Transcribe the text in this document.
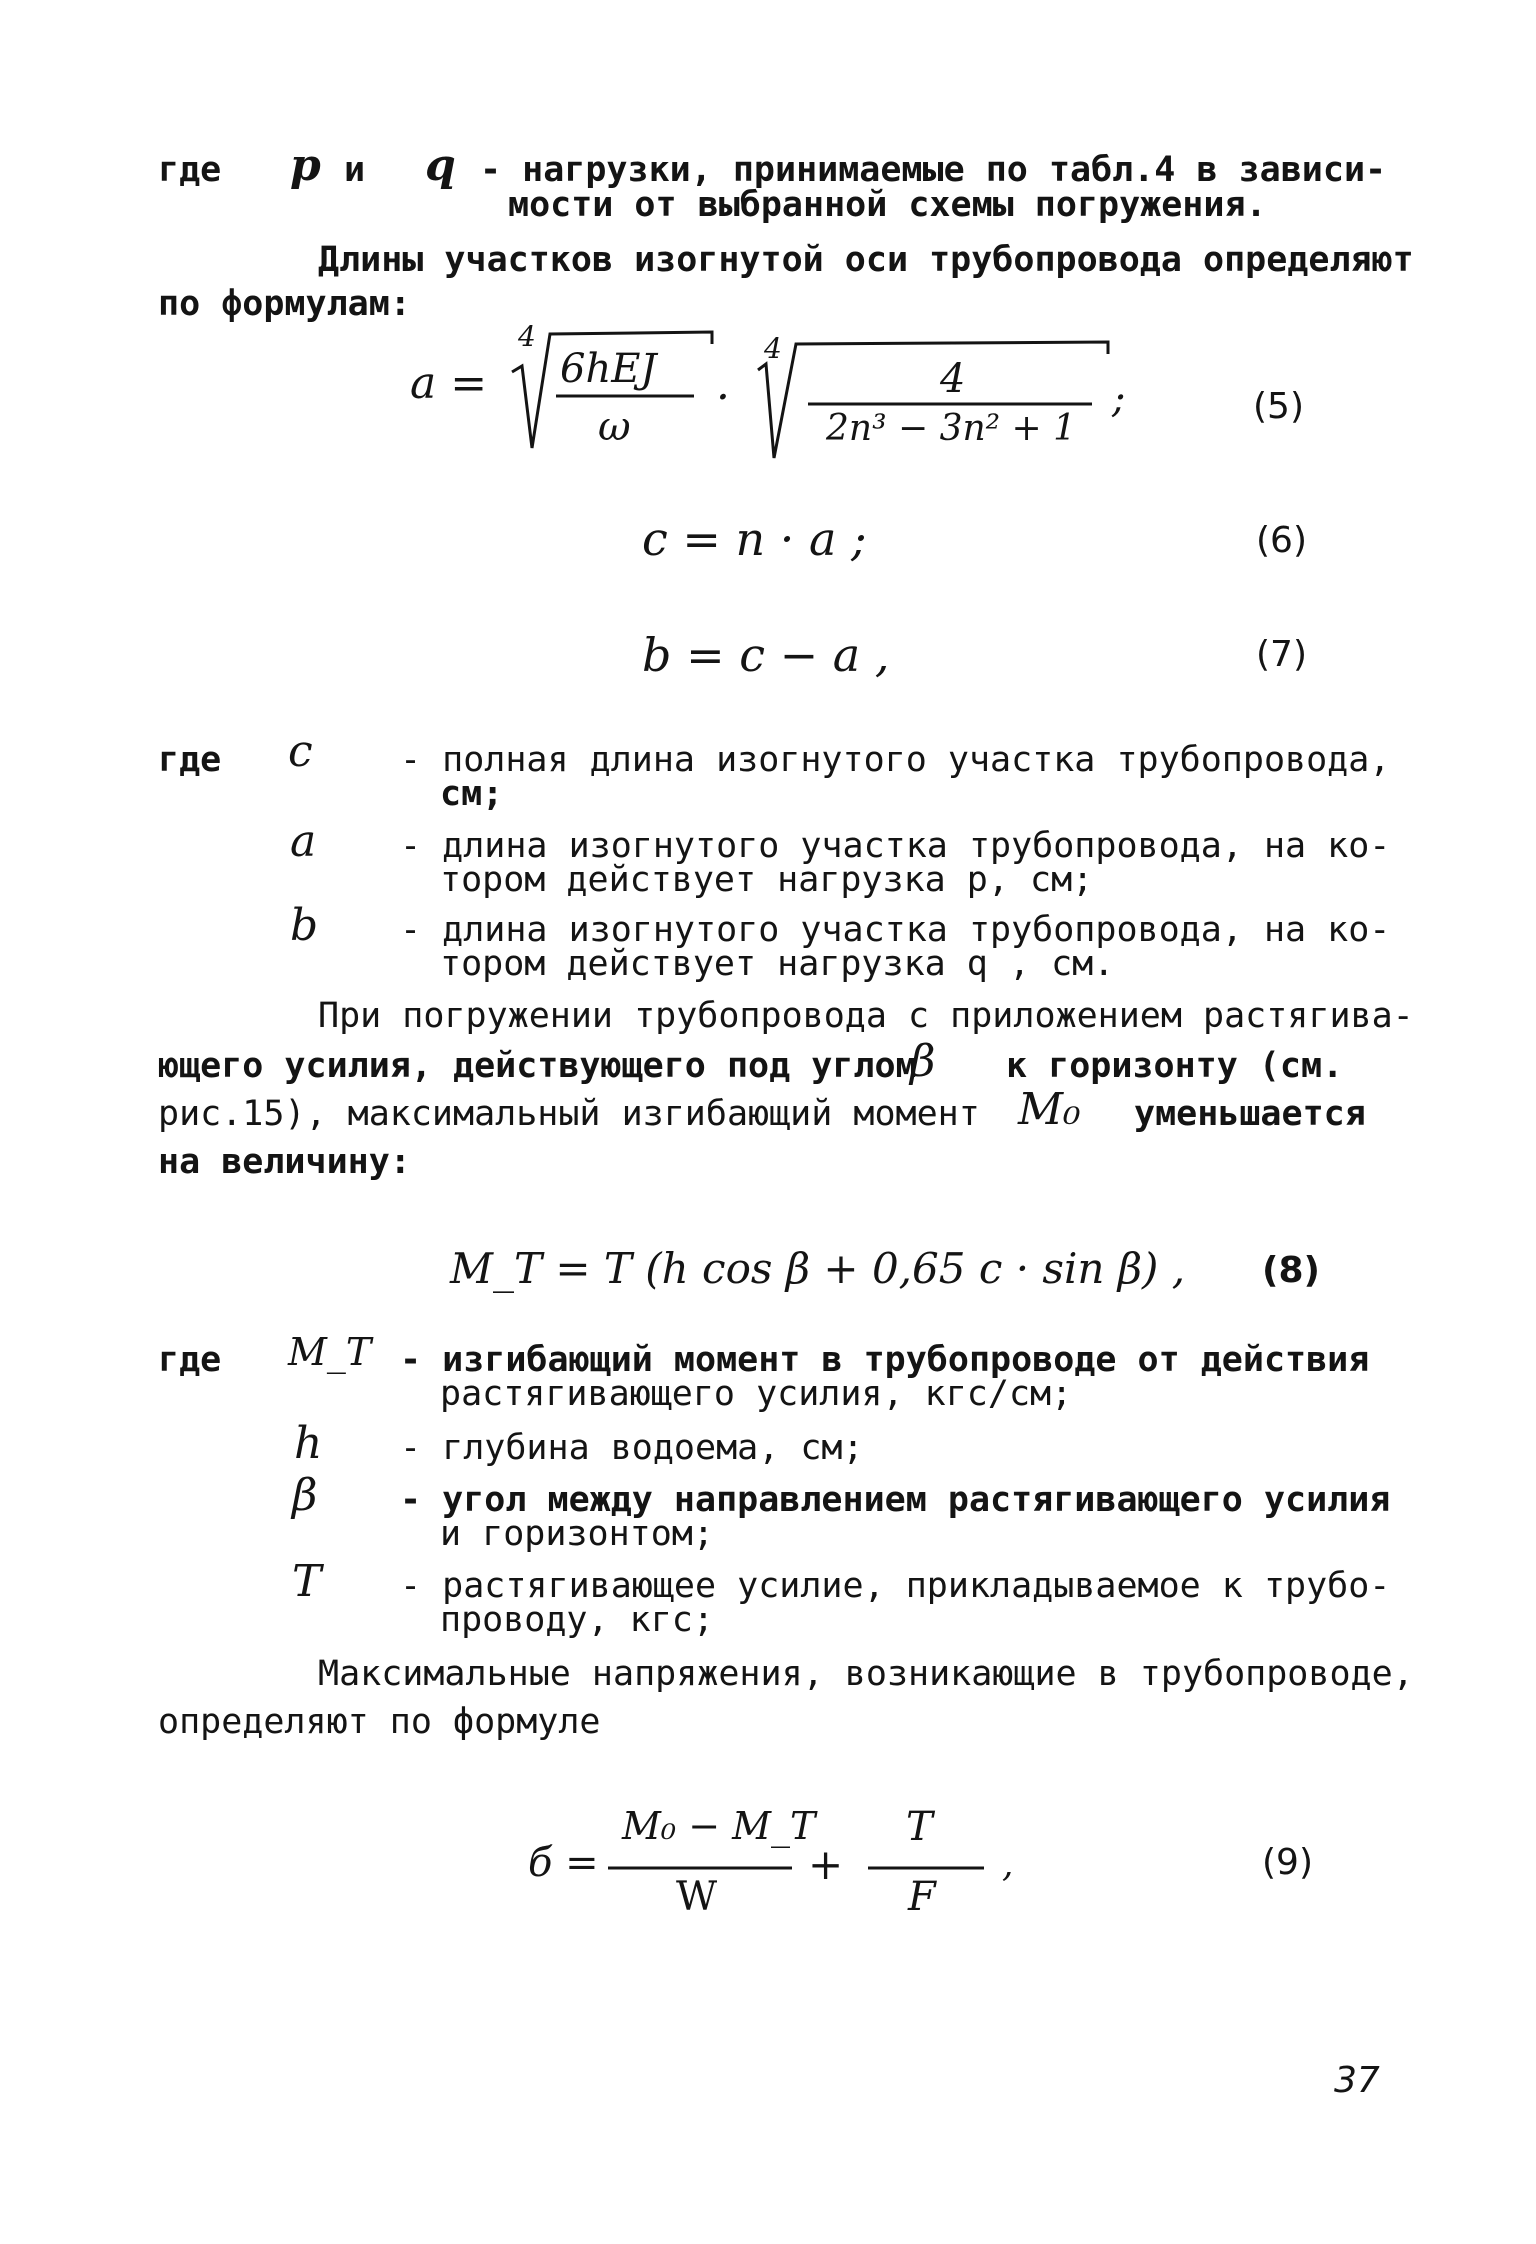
где p и q - нагрузки, принимаемые по табл.4 в зависи-
мости от выбранной схемы погружения.
Длины участков изогнутой оси трубопровода определяют
по формулам:
a =
4
6hEJ
ω
·
4
4
2n³ − 3n² + 1
;	(5)
c = n · a ;	(6)
b = c − a ,	(7)
где c - полная длина изогнутого участка трубопровода,
см;
a - длина изогнутого участка трубопровода, на ко-
тором действует нагрузка p, см;
b - длина изогнутого участка трубопровода, на ко-
тором действует нагрузка q , см.
При погружении трубопровода с приложением растягива-
ющего усилия, действующего под углом
β к горизонту (см.
рис.15), максимальный изгибающий момент M₀ уменьшается
на величину:
M_T = T (h cos β + 0,65 c · sin β) , (8)
где M_T - изгибающий момент в трубопроводе от действия
растягивающего усилия, кгс/см;
h - глубина водоема, см;
β - угол между направлением растягивающего усилия
и горизонтом;
T - растягивающее усилие, прикладываемое к трубо-
проводу, кгс;
Максимальные напряжения, возникающие в трубопроводе,
определяют по формуле
б =
M₀ − M_T
W
+
T
F
,	(9)
37
